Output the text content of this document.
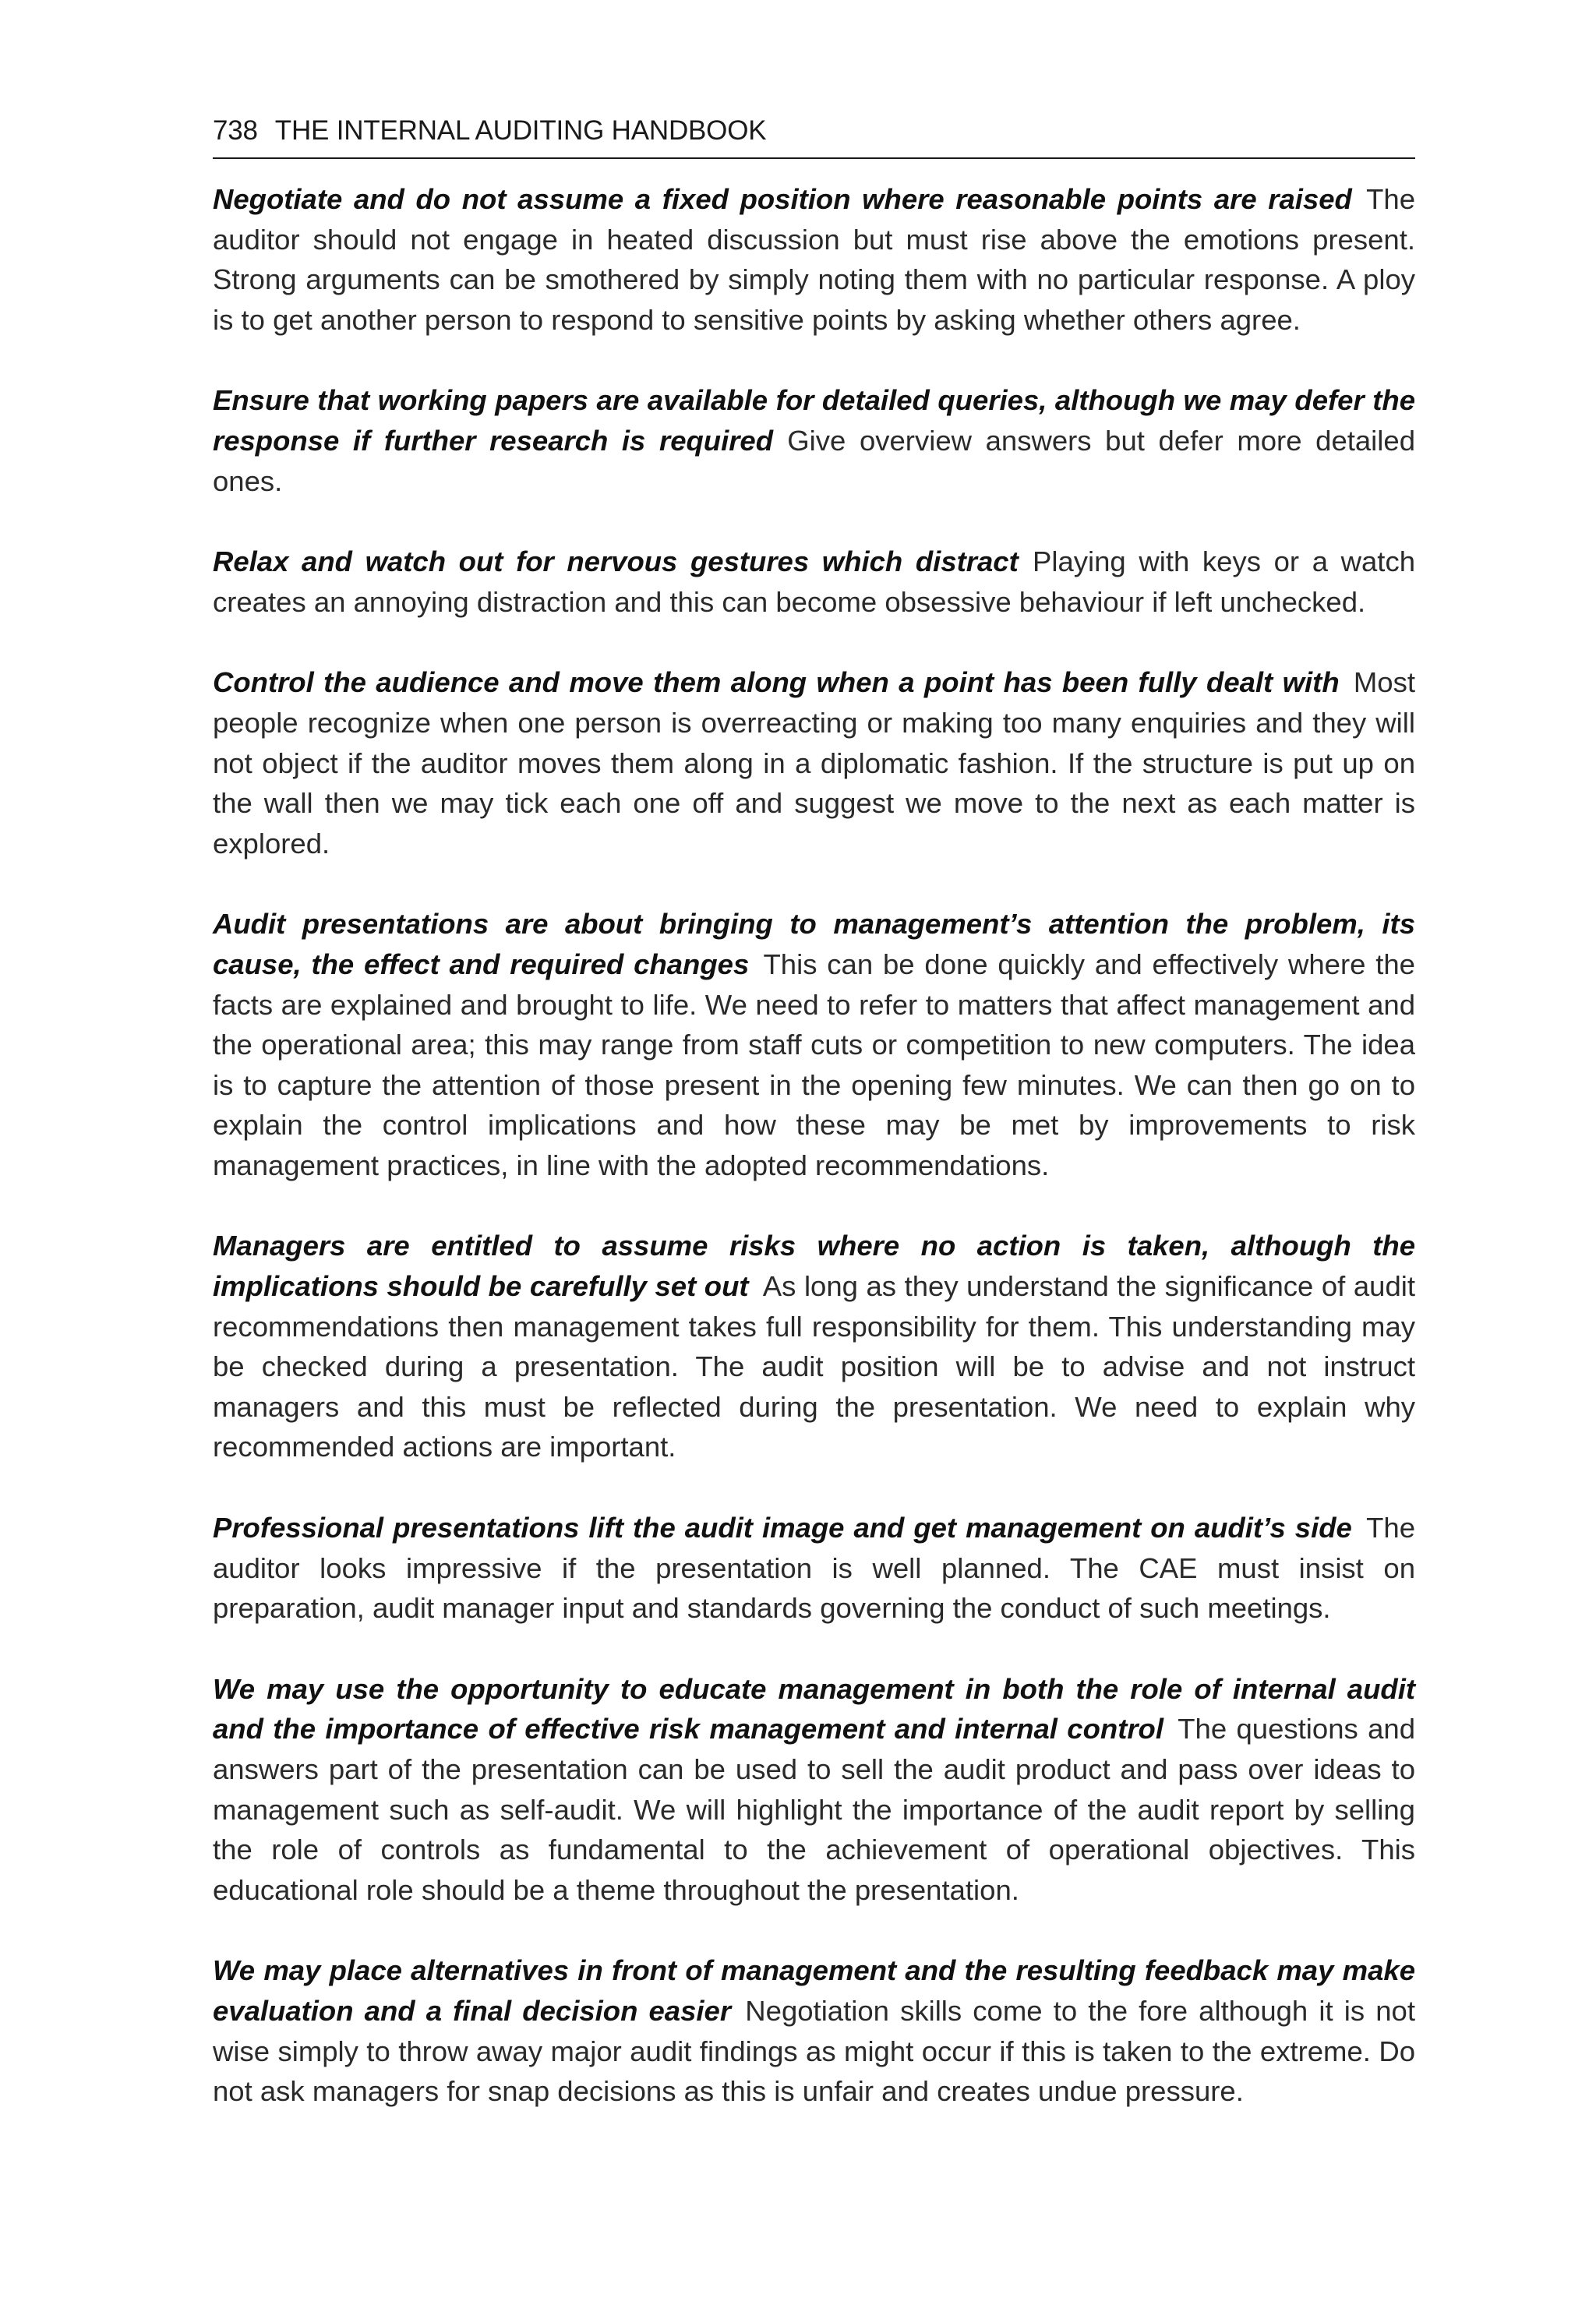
738 THE INTERNAL AUDITING HANDBOOK

Negotiate and do not assume a fixed position where reasonable points are raised The auditor should not engage in heated discussion but must rise above the emotions present. Strong arguments can be smothered by simply noting them with no particular response. A ploy is to get another person to respond to sensitive points by asking whether others agree.

Ensure that working papers are available for detailed queries, although we may defer the response if further research is required Give overview answers but defer more detailed ones.

Relax and watch out for nervous gestures which distract Playing with keys or a watch creates an annoying distraction and this can become obsessive behaviour if left unchecked.

Control the audience and move them along when a point has been fully dealt with Most people recognize when one person is overreacting or making too many enquiries and they will not object if the auditor moves them along in a diplomatic fashion. If the structure is put up on the wall then we may tick each one off and suggest we move to the next as each matter is explored.

Audit presentations are about bringing to management’s attention the problem, its cause, the effect and required changes This can be done quickly and effectively where the facts are explained and brought to life. We need to refer to matters that affect management and the operational area; this may range from staff cuts or competition to new computers. The idea is to capture the attention of those present in the opening few minutes. We can then go on to explain the control implications and how these may be met by improvements to risk management practices, in line with the adopted recommendations.

Managers are entitled to assume risks where no action is taken, although the implications should be carefully set out As long as they understand the significance of audit recommendations then management takes full responsibility for them. This understanding may be checked during a presentation. The audit position will be to advise and not instruct managers and this must be reflected during the presentation. We need to explain why recommended actions are important.

Professional presentations lift the audit image and get management on audit’s side The auditor looks impressive if the presentation is well planned. The CAE must insist on preparation, audit manager input and standards governing the conduct of such meetings.

We may use the opportunity to educate management in both the role of internal audit and the importance of effective risk management and internal control The questions and answers part of the presentation can be used to sell the audit product and pass over ideas to management such as self-audit. We will highlight the importance of the audit report by selling the role of controls as fundamental to the achievement of operational objectives. This educational role should be a theme throughout the presentation.

We may place alternatives in front of management and the resulting feedback may make evaluation and a final decision easier Negotiation skills come to the fore although it is not wise simply to throw away major audit findings as might occur if this is taken to the extreme. Do not ask managers for snap decisions as this is unfair and creates undue pressure.
